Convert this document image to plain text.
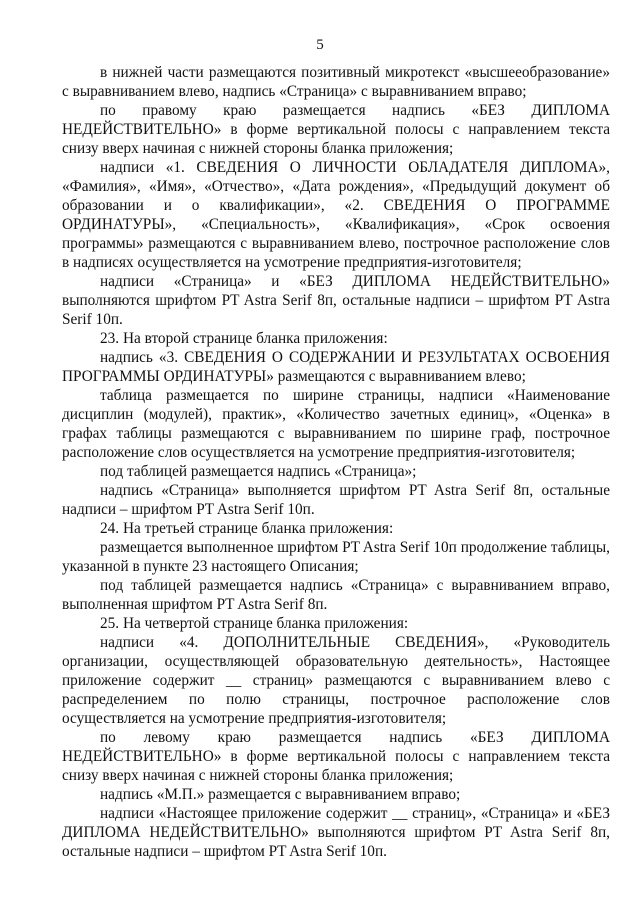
5

в нижней части размещаются позитивный микротекст «высшееобразование» с выравниванием влево, надпись «Страница» с выравниванием вправо;

по правому краю размещается надпись «БЕЗ ДИПЛОМА НЕДЕЙСТВИТЕЛЬНО» в форме вертикальной полосы с направлением текста снизу вверх начиная с нижней стороны бланка приложения;

надписи «1. СВЕДЕНИЯ О ЛИЧНОСТИ ОБЛАДАТЕЛЯ ДИПЛОМА», «Фамилия», «Имя», «Отчество», «Дата рождения», «Предыдущий документ об образовании и о квалификации», «2. СВЕДЕНИЯ О ПРОГРАММЕ ОРДИНАТУРЫ», «Специальность», «Квалификация», «Срок освоения программы» размещаются с выравниванием влево, построчное расположение слов в надписях осуществляется на усмотрение предприятия-изготовителя;

надписи «Страница» и «БЕЗ ДИПЛОМА НЕДЕЙСТВИТЕЛЬНО» выполняются шрифтом PT Astra Serif 8п, остальные надписи – шрифтом PT Astra Serif 10п.

23. На второй странице бланка приложения:

надпись «3. СВЕДЕНИЯ О СОДЕРЖАНИИ И РЕЗУЛЬТАТАХ ОСВОЕНИЯ ПРОГРАММЫ ОРДИНАТУРЫ» размещаются с выравниванием влево;

таблица размещается по ширине страницы, надписи «Наименование дисциплин (модулей), практик», «Количество зачетных единиц», «Оценка» в графах таблицы размещаются с выравниванием по ширине граф, построчное расположение слов осуществляется на усмотрение предприятия-изготовителя;

под таблицей размещается надпись «Страница»;

надпись «Страница» выполняется шрифтом PT Astra Serif 8п, остальные надписи – шрифтом PT Astra Serif 10п.

24. На третьей странице бланка приложения:

размещается выполненное шрифтом PT Astra Serif 10п продолжение таблицы, указанной в пункте 23 настоящего Описания;

под таблицей размещается надпись «Страница» с выравниванием вправо, выполненная шрифтом PT Astra Serif 8п.

25. На четвертой странице бланка приложения:

надписи «4. ДОПОЛНИТЕЛЬНЫЕ СВЕДЕНИЯ», «Руководитель организации, осуществляющей образовательную деятельность», Настоящее приложение содержит __ страниц» размещаются с выравниванием влево с распределением по полю страницы, построчное расположение слов осуществляется на усмотрение предприятия-изготовителя;

по левому краю размещается надпись «БЕЗ ДИПЛОМА НЕДЕЙСТВИТЕЛЬНО» в форме вертикальной полосы с направлением текста снизу вверх начиная с нижней стороны бланка приложения;

надпись «М.П.» размещается с выравниванием вправо;

надписи «Настоящее приложение содержит __ страниц», «Страница» и «БЕЗ ДИПЛОМА НЕДЕЙСТВИТЕЛЬНО» выполняются шрифтом PT Astra Serif 8п, остальные надписи – шрифтом PT Astra Serif 10п.
